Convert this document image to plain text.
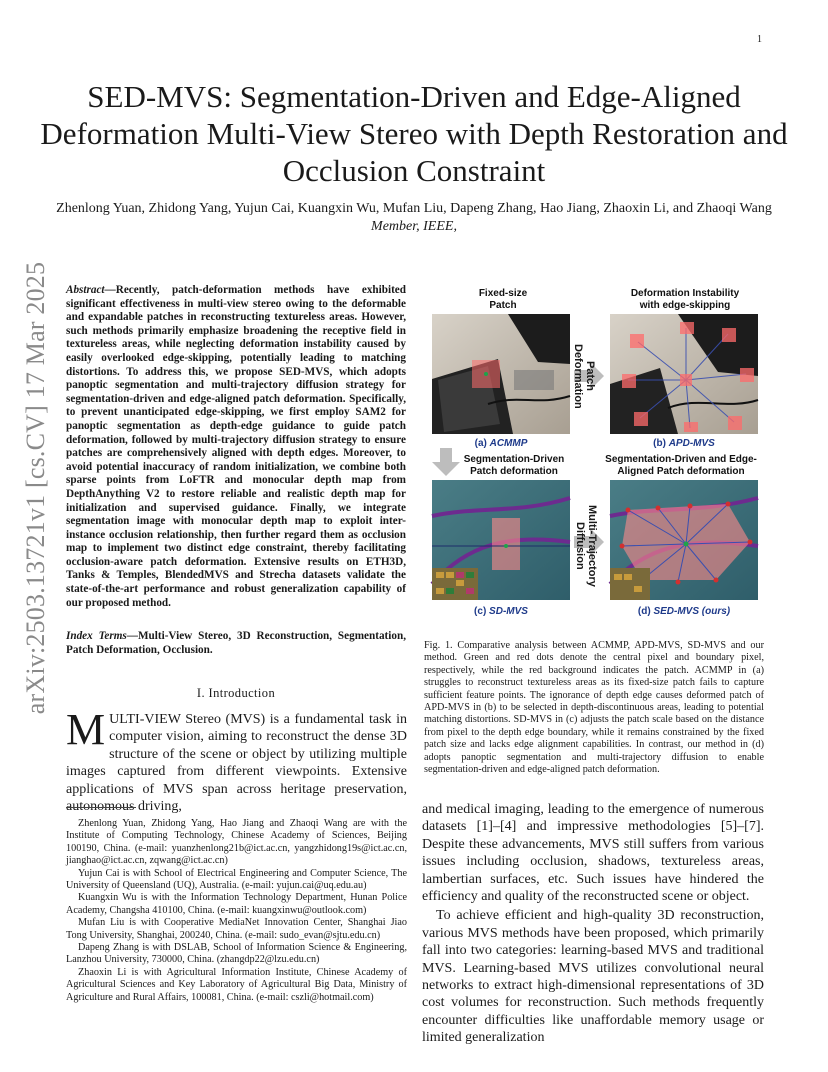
1
SED-MVS: Segmentation-Driven and Edge-Aligned Deformation Multi-View Stereo with Depth Restoration and Occlusion Constraint
Zhenlong Yuan, Zhidong Yang, Yujun Cai, Kuangxin Wu, Mufan Liu, Dapeng Zhang, Hao Jiang, Zhaoxin Li, and Zhaoqi Wang Member, IEEE,
arXiv:2503.13721v1 [cs.CV] 17 Mar 2025 Abstract—Recently, patch-deformation methods have exhibited significant effectiveness in multi-view stereo owing to the deformable and expandable patches in reconstructing textureless areas. However, such methods primarily emphasize broadening the receptive field in textureless areas, while neglecting deformation instability caused by easily overlooked edge-skipping, potentially leading to matching distortions. To address this, we propose SED-MVS, which adopts panoptic segmentation and multi-trajectory diffusion strategy for segmentation-driven and edge-aligned patch deformation. Specifically, to prevent unanticipated edge-skipping, we first employ SAM2 for panoptic segmentation as depth-edge guidance to guide patch deformation, followed by multi-trajectory diffusion strategy to ensure patches are comprehensively aligned with depth edges. Moreover, to avoid potential inaccuracy of random initialization, we combine both sparse points from LoFTR and monocular depth map from DepthAnything V2 to restore reliable and realistic depth map for initialization and supervised guidance. Finally, we integrate segmentation image with monocular depth map to exploit inter-instance occlusion relationship, then further regard them as occlusion map to implement two distinct edge constraint, thereby facilitating occlusion-aware patch deformation. Extensive results on ETH3D, Tanks & Temples, BlendedMVS and Strecha datasets validate the state-of-the-art performance and robust generalization capability of our proposed method.
Index Terms—Multi-View Stereo, 3D Reconstruction, Segmentation, Patch Deformation, Occlusion.
I. Introduction
MULTI-VIEW Stereo (MVS) is a fundamental task in computer vision, aiming to reconstruct the dense 3D structure of the scene or object by utilizing multiple images captured from different viewpoints. Extensive applications of MVS span across heritage preservation, autonomous driving,

Zhenlong Yuan, Zhidong Yang, Hao Jiang and Zhaoqi Wang are with the Institute of Computing Technology, Chinese Academy of Sciences, Beijing 100190, China. (e-mail: yuanzhenlong21b@ict.ac.cn, yangzhidong19s@ict.ac.cn, jianghao@ict.ac.cn, zqwang@ict.ac.cn)

Yujun Cai is with School of Electrical Engineering and Computer Science, The University of Queensland (UQ), Australia. (e-mail: yujun.cai@uq.edu.au)

Kuangxin Wu is with the Information Technology Department, Hunan Police Academy, Changsha 410100, China. (e-mail: kuangxinwu@outlook.com)

Mufan Liu is with Cooperative MediaNet Innovation Center, Shanghai Jiao Tong University, Shanghai, 200240, China. (e-mail: sudo_evan@sjtu.edu.cn)

Dapeng Zhang is with DSLAB, School of Information Science & Engineering, Lanzhou University, 730000, China. (zhangdp22@lzu.edu.cn)

Zhaoxin Li is with Agricultural Information Institute, Chinese Academy of Agricultural Sciences and Key Laboratory of Agricultural Big Data, Ministry of Agriculture and Rural Affairs, 100081, China. (e-mail: cszli@hotmail.com)

Fixed-size
Patch
Deformation Instability
with edge-skipping
Patch
Deformation
(a) ACMMP	(b) APD-MVS
Segmentation-Driven
Patch deformation
Segmentation-Driven and Edge-
Aligned Patch deformation
Multi-Trajectory
Diffusion
(c) SD-MVS	(d) SED-MVS (ours)
Fig. 1. Comparative analysis between ACMMP, APD-MVS, SD-MVS and our method. Green and red dots denote the central pixel and boundary pixel, respectively, while the red background indicates the patch. ACMMP in (a) struggles to reconstruct textureless areas as its fixed-size patch fails to capture sufficient feature points. The ignorance of depth edge causes deformed patch of APD-MVS in (b) to be selected in depth-discontinuous areas, leading to potential matching distortions. SD-MVS in (c) adjusts the patch scale based on the distance from pixel to the depth edge boundary, while it remains constrained by the fixed patch size and lacks edge alignment capabilities. In contrast, our method in (d) adopts panoptic segmentation and multi-trajectory diffusion to enable segmentation-driven and edge-aligned patch deformation.

and medical imaging, leading to the emergence of numerous datasets [1]–[4] and impressive methodologies [5]–[7]. Despite these advancements, MVS still suffers from various issues including occlusion, shadows, textureless areas, lambertian surfaces, etc. Such issues have hindered the efficiency and quality of the reconstructed scene or object.

To achieve efficient and high-quality 3D reconstruction, various MVS methods have been proposed, which primarily fall into two categories: learning-based MVS and traditional MVS. Learning-based MVS utilizes convolutional neural networks to extract high-dimensional representations of 3D cost volumes for reconstruction. Such methods frequently encounter difficulties like unaffordable memory usage or limited generalization
